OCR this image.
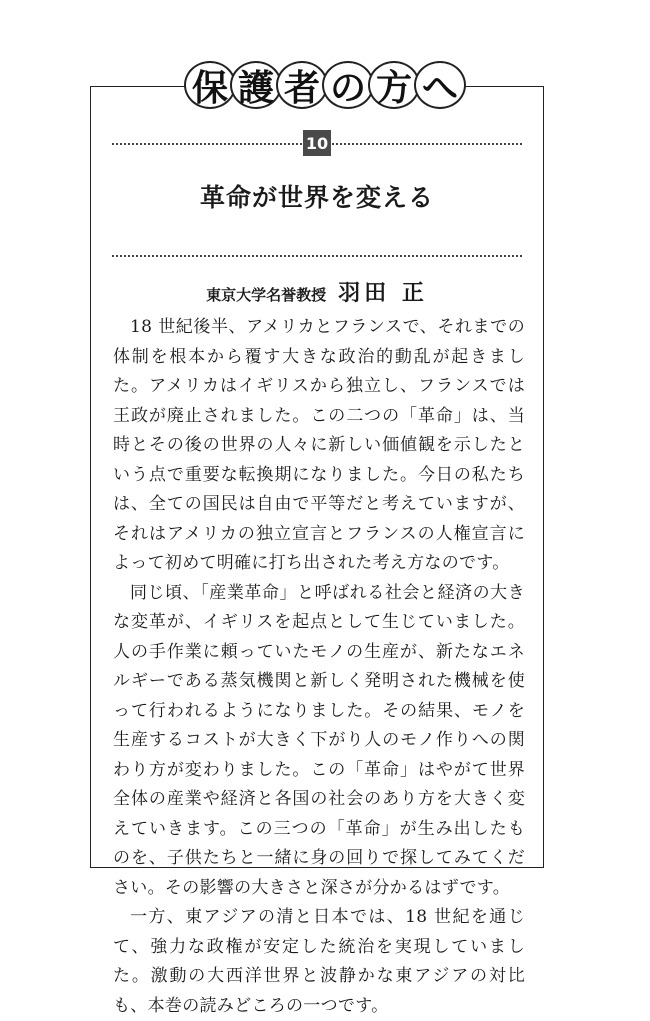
保 護 者 の 方 へ
10
革命が世界を変える
東京大学名誉教授 羽田 正

18 世紀後半、アメリカとフランスで、それまでの体制を根本から覆す大きな政治的動乱が起きました。アメリカはイギリスから独立し、フランスでは王政が廃止されました。この二つの「革命」は、当時とその後の世界の人々に新しい価値観を示したという点で重要な転換期になりました。今日の私たちは、全ての国民は自由で平等だと考えていますが、それはアメリカの独立宣言とフランスの人権宣言によって初めて明確に打ち出された考え方なのです。

同じ頃、「産業革命」と呼ばれる社会と経済の大きな変革が、イギリスを起点として生じていました。人の手作業に頼っていたモノの生産が、新たなエネルギーである蒸気機関と新しく発明された機械を使って行われるようになりました。その結果、モノを生産するコストが大きく下がり人のモノ作りへの関わり方が変わりました。この「革命」はやがて世界全体の産業や経済と各国の社会のあり方を大きく変えていきます。この三つの「革命」が生み出したものを、子供たちと一緒に身の回りで探してみてください。その影響の大きさと深さが分かるはずです。

一方、東アジアの清と日本では、18 世紀を通じて、強力な政権が安定した統治を実現していました。激動の大西洋世界と波静かな東アジアの対比も、本巻の読みどころの一つです。
